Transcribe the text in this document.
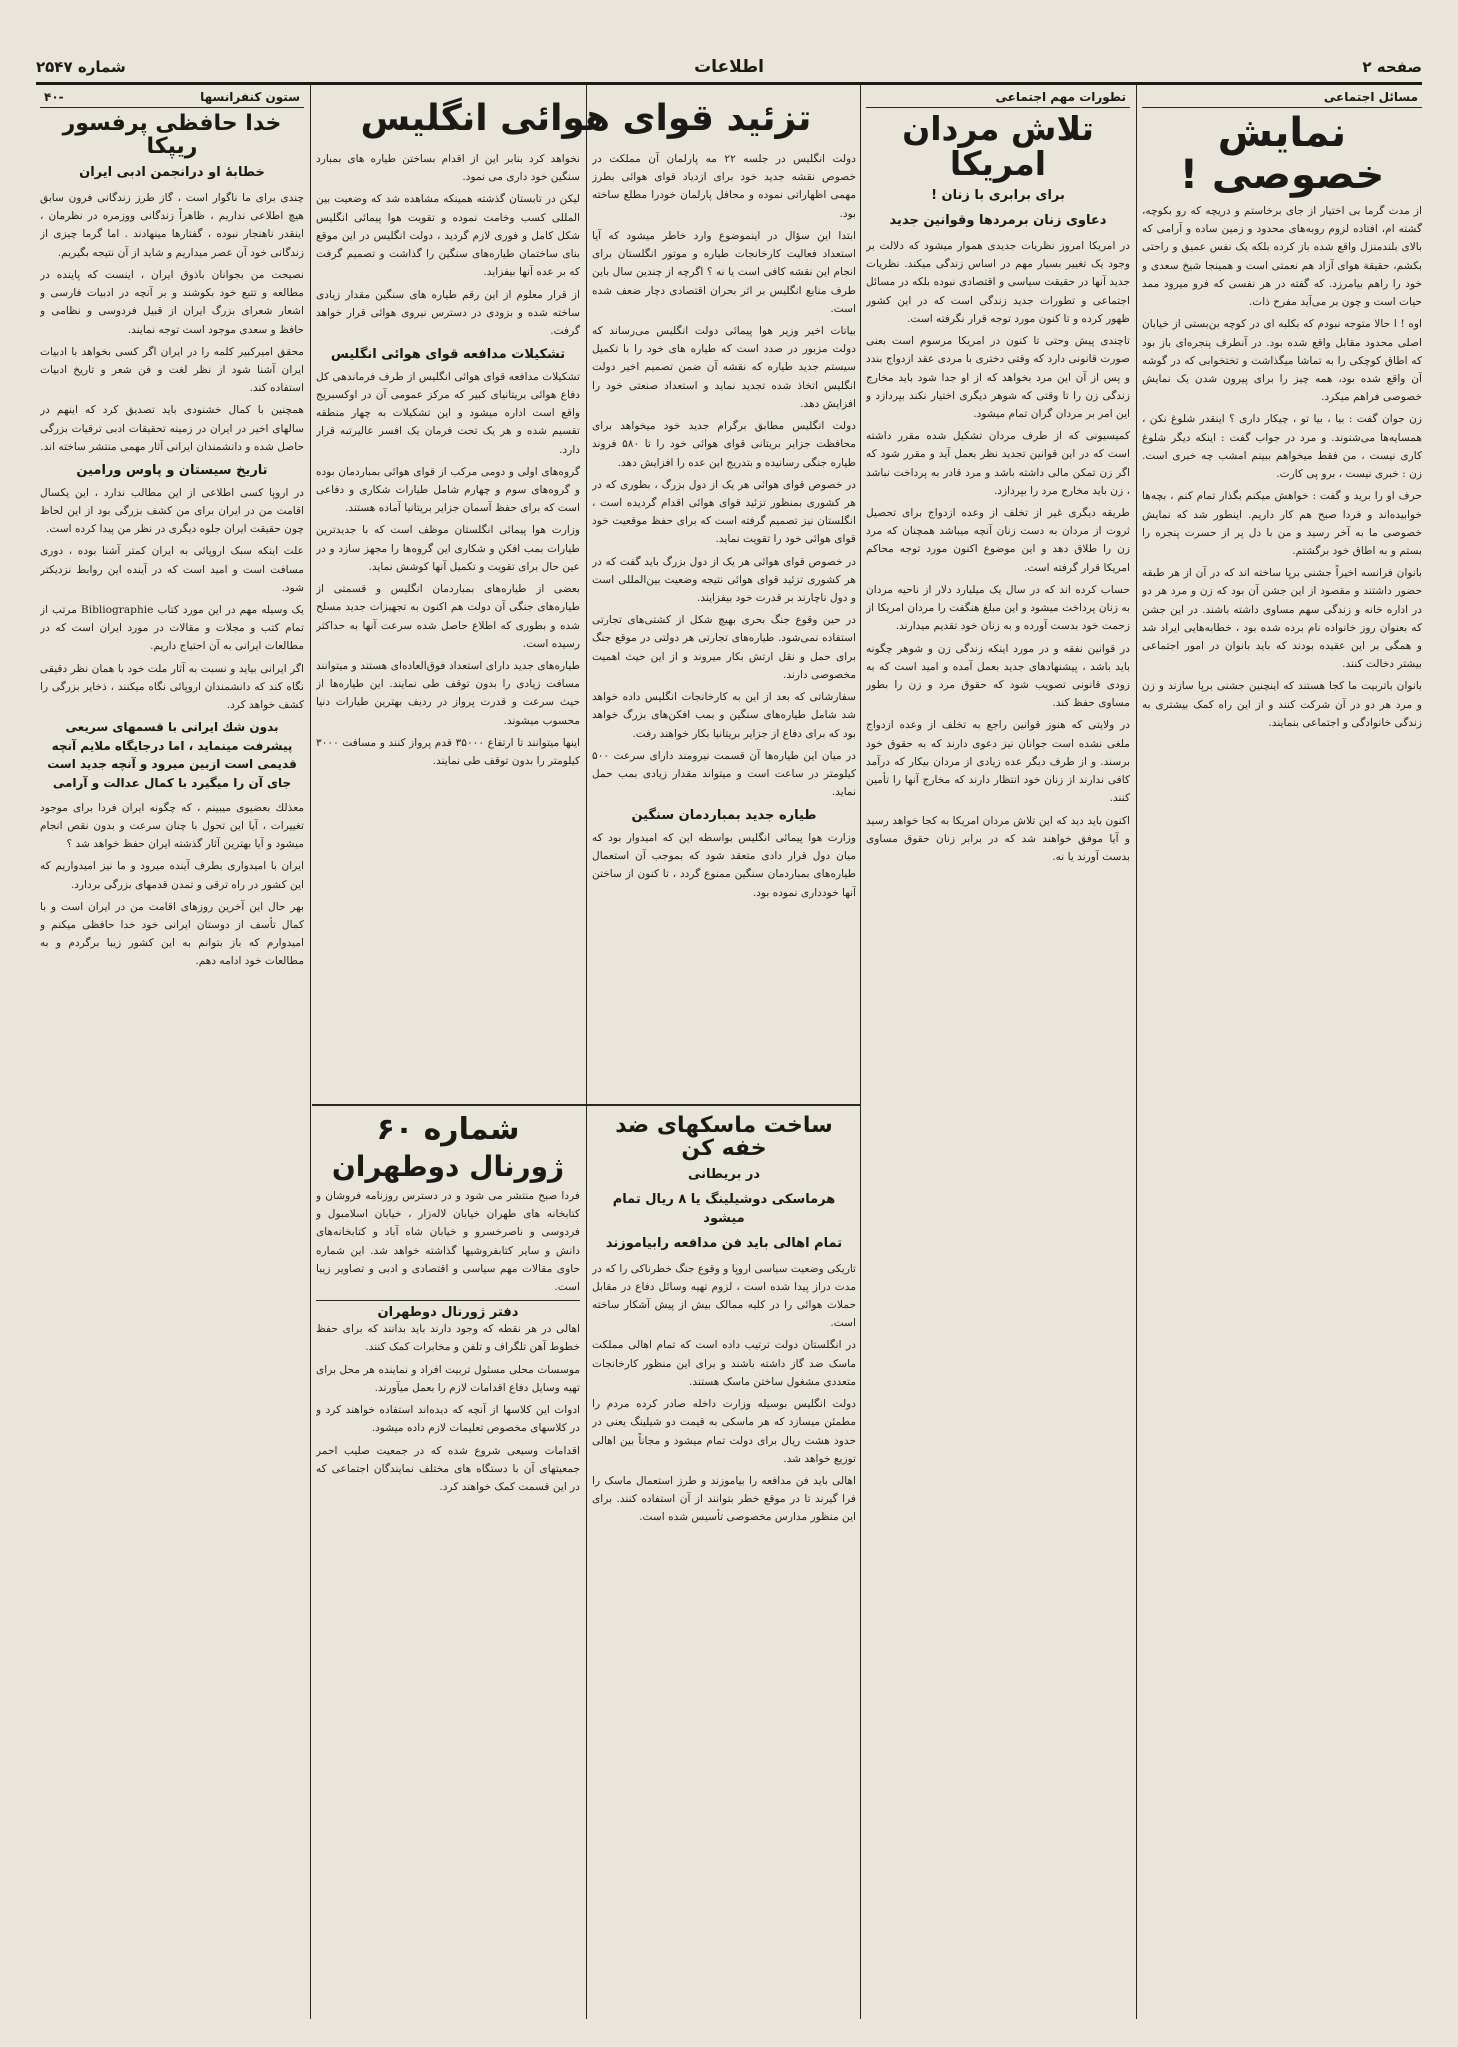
صفحه ۲
اطلاعات
شماره ۲۵۴۷
مسائل اجتماعی
نمایش خصوصی !

از مدت گرما بی اختیار از جای برخاستم و دریچه که رو بکوچه، گشته ام، افتاده لزوم روبه‌های محدود و زمین ساده و آرامی که بالای بلندمنزل واقع شده باز کرده بلکه یک نفس عمیق و راحتی بکشم، حقیقة هوای آزاد هم نعمتی است و همینجا شیخ سعدی و خود را راهم بیامرزد. که گفته در هر نفسی که فرو میرود ممد حیات است و چون بر می‌آید مفرح ذات.

اوه ! ا حالا متوجه نبودم که بکلبه ای در کوچه بن‌بستی از خیابان اصلی محدود مقابل واقع شده بود. در آنطرف پنجره‌ای باز بود که اطاق کوچکی را به تماشا میگذاشت و تختخوابی که در گوشه آن واقع شده بود، همه چیز را برای پیرون شدن یک نمایش خصوصی فراهم میکرد.

زن جوان گفت : بیا ، بیا تو ، چیکار داری ؟ اینقدر شلوغ نکن ، همسایه‌ها می‌شنوند. و مرد در جواب گفت : اینکه دیگر شلوغ کاری نیست ، من فقط میخواهم ببینم امشب چه خبری است. زن : خبری نیست ، برو پی کارت.

حرف او را برید و گفت : خواهش میکنم بگذار تمام کنم ، بچه‌ها خوابیده‌اند و فردا صبح هم کار داریم. اینطور شد که نمایش خصوصی ما به آخر رسید و من با دل پر از حسرت پنجره را بستم و به اطاق خود برگشتم.

بانوان فرانسه اخیراً جشنی برپا ساخته اند که در آن از هر طبقه حضور داشتند و مقصود از این جشن آن بود که زن و مرد هر دو در اداره خانه و زندگی سهم مساوی داشته باشند. در این جشن که بعنوان روز خانواده نام برده شده بود ، خطابه‌هایی ایراد شد و همگی بر این عقیده بودند که باید بانوان در امور اجتماعی بیشتر دخالت کنند.

بانوان باتربیت ما کجا هستند که اینچنین جشنی برپا سازند و زن و مرد هر دو در آن شرکت کنند و از این راه کمک بیشتری به زندگی خانوادگی و اجتماعی بنمایند.

تطورات مهم اجتماعی
تلاش مردان امریکا
برای برابری با زنان !
دعاوی زنان برمردها وقوانین جدید

در امریکا امروز نظریات جدیدی هموار میشود که دلالت بر وجود یک تغییر بسیار مهم در اساس زندگی میکند. نظریات جدید آنها در حقیقت سیاسی و اقتصادی نبوده بلکه در مسائل اجتماعی و تطورات جدید زندگی است که در این کشور ظهور کرده و تا کنون مورد توجه قرار نگرفته است.

تاچندی پیش وحتی تا کنون در امریکا مرسوم است بعنی صورت قانونی دارد که وقتی دختری با مردی عقد ازدواج بندد و پس از آن این مرد بخواهد که از او جدا شود باید مخارج زندگی زن را تا وقتی که شوهر دیگری اختیار نکند بپردازد و این امر بر مردان گران تمام میشود.

کمیسیونی که از طرف مردان تشکیل شده مقرر داشته است که در این قوانین تجدید نظر بعمل آید و مقرر شود که اگر زن تمکن مالی داشته باشد و مرد قادر به پرداخت نباشد ، زن باید مخارج مرد را بپردازد.

طریقه دیگری غیر از تخلف از وعده ازدواج برای تحصیل ثروت از مردان به دست زنان آنچه میباشد همچنان که مرد زن را طلاق دهد و این موضوع اکنون مورد توجه محاکم امریکا قرار گرفته است.

حساب کرده اند که در سال یک میلیارد دلار از ناحیه مردان به زنان پرداخت میشود و این مبلغ هنگفت را مردان امریکا از زحمت خود بدست آورده و به زنان خود تقدیم میدارند.

در قوانین نفقه و در مورد اینکه زندگی زن و شوهر چگونه باید باشد ، پیشنهادهای جدید بعمل آمده و امید است که به زودی قانونی تصویب شود که حقوق مرد و زن را بطور مساوی حفظ کند.

در ولایتی که هنوز قوانین راجع به تخلف از وعده ازدواج ملغی نشده است جوانان نیز دعوی دارند که به حقوق خود برسند. و از طرف دیگر عده زیادی از مردان بیکار که درآمد کافی ندارند از زنان خود انتظار دارند که مخارج آنها را تأمین کنند.

اکنون باید دید که این تلاش مردان امریکا به کجا خواهد رسید و آیا موفق خواهند شد که در برابر زنان حقوق مساوی بدست آورند یا نه.

تزئید قوای هوائی انگلیس

دولت انگلیس در جلسه ۲۲ مه پارلمان آن مملکت در خصوص نقشه جدید خود برای ازدیاد قوای هوائی بطرز مهمی اظهاراتی نموده و محافل پارلمان خودرا مطلع ساخته بود.

ابتدا این سؤال در اینموضوع وارد خاطر میشود که آیا استعداد فعالیت کارخانجات طیاره و موتور انگلستان برای انجام این نقشه کافی است یا نه ؟ اگرچه از چندین سال باین طرف منابع انگلیس بر اثر بحران اقتصادی دچار ضعف شده است.

بیانات اخیر وزیر هوا پیمائی دولت انگلیس می‌رساند که دولت مزبور در صدد است که طیاره های خود را با تکمیل سیستم جدید طیاره که نقشه آن ضمن تصمیم اخیر دولت انگلیس اتخاذ شده تجدید نماید و استعداد صنعتی خود را افزایش دهد.

دولت انگلیس مطابق برگرام جدید خود میخواهد برای محافظت جزایر بریتانی قوای هوائی خود را تا ۵۸۰ فروند طیاره جنگی رسانیده و بتدریج این عده را افزایش دهد.

در خصوص قوای هوائی هر یک از دول بزرگ ، بطوری که در هر کشوری بمنظور تزئید قوای هوائی اقدام گردیده است ، انگلستان نیز تصمیم گرفته است که برای حفظ موقعیت خود قوای هوائی خود را تقویت نماید.

در خصوص قوای هوائی هر یک از دول بزرگ باید گفت که در هر کشوری تزئید قوای هوائی نتیجه وضعیت بین‌المللی است و دول ناچارند بر قدرت خود بیفزایند.

در حین وقوع جنگ بحری بهیچ شکل از کشتی‌های تجارتی استفاده نمی‌شود. طیاره‌های تجارتی هر دولتی در موقع جنگ برای حمل و نقل ارتش بکار میروند و از این حیث اهمیت مخصوصی دارند.

سفارشاتی که بعد از این به کارخانجات انگلیس داده خواهد شد شامل طیاره‌های سنگین و بمب افکن‌های بزرگ خواهد بود که برای دفاع از جزایر بریتانیا بکار خواهند رفت.

در میان این طیاره‌ها آن قسمت نیرومند دارای سرعت ۵۰۰ کیلومتر در ساعت است و میتواند مقدار زیادی بمب حمل نماید.

طیاره جدید بمباردمان سنگین

وزارت هوا پیمائی انگلیس بواسطه این که امیدوار بود که میان دول قرار دادی متعقد شود که بموجب آن استعمال طیاره‌های بمباردمان سنگین ممنوع گردد ، تا کنون از ساختن آنها خودداری نموده بود.

نخواهد کرد بنابر این از اقدام بساختن طیاره های بمبارد سنگین خود داری می نمود.

لیکن در تابستان گذشته همینکه مشاهده شد که وضعیت بین المللی کسب وخامت نموده و تقویت هوا پیمائی انگلیس شکل کامل و فوری لازم گردید ، دولت انگلیس در این موقع بنای ساختمان طیاره‌های سنگین را گذاشت و تصمیم گرفت که بر عده آنها بیفزاید.

از قرار معلوم از این رقم طیاره های سنگین مقدار زیادی ساخته شده و بزودی در دسترس نیروی هوائی قرار خواهد گرفت.

تشکیلات مدافعه قوای هوائی انگلیس

تشکیلات مدافعه قوای هوائی انگلیس از طرف فرماندهی کل دفاع هوائی بریتانیای کبیر که مرکز عمومی آن در اوکسبریج واقع است اداره میشود و این تشکیلات به چهار منطقه تقسیم شده و هر یک تحت فرمان یک افسر عالیرتبه قرار دارد.

گروه‌های اولی و دومی مرکب از قوای هوائی بمباردمان بوده و گروه‌های سوم و چهارم شامل طیارات شکاری و دفاعی است که برای حفظ آسمان جزایر بریتانیا آماده هستند.

وزارت هوا پیمائی انگلستان موظف است که با جدیدترین طیارات بمب افکن و شکاری این گروه‌ها را مجهز سازد و در عین حال برای تقویت و تکمیل آنها کوشش نماید.

بعضی از طیاره‌های بمباردمان انگلیس و قسمتی از طیاره‌های جنگی آن دولت هم اکنون به تجهیزات جدید مسلح شده و بطوری که اطلاع حاصل شده سرعت آنها به حداکثر رسیده است.

طیاره‌های جدید دارای استعداد فوق‌العاده‌ای هستند و میتوانند مسافت زیادی را بدون توقف طی نمایند. این طیاره‌ها از حیث سرعت و قدرت پرواز در ردیف بهترین طیارات دنیا محسوب میشوند.

اینها میتوانند تا ارتفاع ۳۵۰۰۰ قدم پرواز کنند و مسافت ۳۰۰۰ کیلومتر را بدون توقف طی نمایند.

ساخت ماسکهای ضد خفه کن
در بریطانی
هرماسکی دوشیلینگ یا ۸ ریال تمام میشود
تمام اهالی باید فن مدافعه رابیاموزند

تاریکی وضعیت سیاسی اروپا و وقوع جنگ خطرناکی را که در مدت دراز پیدا شده است ، لزوم تهیه وسائل دفاع در مقابل حملات هوائی را در کلیه ممالک بیش از پیش آشکار ساخته است.

در انگلستان دولت ترتیب داده است که تمام اهالی مملکت ماسک ضد گاز داشته باشند و برای این منظور کارخانجات متعددی مشغول ساختن ماسک هستند.

دولت انگلیس بوسیله وزارت داخله صادر کرده مردم را مطمئن میسازد که هر ماسکی به قیمت دو شیلینگ یعنی در حدود هشت ریال برای دولت تمام میشود و مجاناً بین اهالی توزیع خواهد شد.

اهالی باید فن مدافعه را بیاموزند و طرز استعمال ماسک را فرا گیرند تا در موقع خطر بتوانند از آن استفاده کنند. برای این منظور مدارس مخصوصی تأسیس شده است.

شماره ۶۰
ژورنال دوطهران

فردا صبح منتشر می شود و در دسترس روزنامه فروشان و کتابخانه های طهران خیابان لاله‌زار ، خیابان اسلامبول و فردوسی و ناصرخسرو و خیابان شاه آباد و کتابخانه‌های دانش و سایر کتابفروشیها گذاشته خواهد شد. این شماره حاوی مقالات مهم سیاسی و اقتصادی و ادبی و تصاویر زیبا است.

دفتر ژورنال دوطهران

اهالی در هر نقطه که وجود دارند باید بدانند که برای حفظ خطوط آهن تلگراف و تلفن و مخابرات کمک کنند.

موسسات محلی مسئول تربیت افراد و نماینده هر محل برای تهیه وسایل دفاع اقدامات لازم را بعمل میآورند.

ادوات این کلاسها از آنچه که دیده‌اند استفاده خواهند کرد و در کلاسهای مخصوص تعلیمات لازم داده میشود.

اقدامات وسیعی شروع شده که در جمعیت صلیب احمر جمعیتهای آن با دستگاه های مختلف نمایندگان اجتماعی که در این قسمت کمک خواهند کرد.

ستون کنفرانسها
-۴۰
خدا حافظی پرفسور ریپکا
خطابهٔ او درانجمن ادبی ایران

چندی برای ما ناگوار است ، گاز طرز زندگانی فرون سابق هیچ اطلاعی نداریم ، ظاهراً زندگانی ووزمره در نظرمان ، اینقدر ناهنجار نبوده ، گفتارها مینهادند . اما گرما چیزی از زندگانی خود آن عصر میداریم و شاید از آن نتیجه بگیریم.

نصیحت من بجوانان باذوق ایران ، اینست که پاینده در مطالعه و تتبع خود بکوشند و بر آنچه در ادبیات فارسی و اشعار شعرای بزرگ ایران از قبیل فردوسی و نظامی و حافظ و سعدی موجود است توجه نمایند.

محقق امیرکبیر کلمه را در ایران اگر کسی بخواهد با ادبیات ایران آشنا شود از نظر لغت و فن شعر و تاریخ ادبیات استفاده کند.

همچنین با کمال خشنودی باید تصدیق کرد که اینهم در سالهای اخیر در ایران در زمینه تحقیقات ادبی ترقیات بزرگی حاصل شده و دانشمندان ایرانی آثار مهمی منتشر ساخته اند.

تاریخ سیستان و پاوس ورامین

در اروپا کسی اطلاعی از این مطالب ندارد ، این یکسال اقامت من در ایران برای من کشف بزرگی بود از این لحاظ چون حقیقت ایران جلوه دیگری در نظر من پیدا کرده است.

علت اینکه سبک اروپائی به ایران کمتر آشنا بوده ، دوری مسافت است و امید است که در آینده این روابط نزدیکتر شود.

یک وسیله مهم در این مورد کتاب Bibliographie مرتب از تمام کتب و مجلات و مقالات در مورد ایران است که در مطالعات ایرانی به آن احتیاج داریم.

اگر ایرانی بیاید و نسبت به آثار ملت خود با همان نظر دقیقی نگاه کند که دانشمندان اروپائی نگاه میکنند ، ذخایر بزرگی را کشف خواهد کرد.

بدون شك ایرانی با قسمهای سریعی پیشرفت مینماید ، اما درجایگاه ملایم آنچه قدیمی است ازبین میرود و آنچه جدید است جای آن را میگیرد با کمال عدالت و آرامی

معذلك بعضیوی میبینم ، که چگونه ایران فردا برای موجود تغییرات ، آیا این تحول با چنان سرعت و بدون نقص انجام میشود و آیا بهترین آثار گذشته ایران حفظ خواهد شد ؟

ایران با امیدواری بطرف آینده میرود و ما نیز امیدواریم که این کشور در راه ترقی و تمدن قدمهای بزرگی بردارد.

بهر حال این آخرین روزهای اقامت من در ایران است و با کمال تأسف از دوستان ایرانی خود خدا حافظی میکنم و امیدوارم که باز بتوانم به این کشور زیبا برگردم و به مطالعات خود ادامه دهم.
